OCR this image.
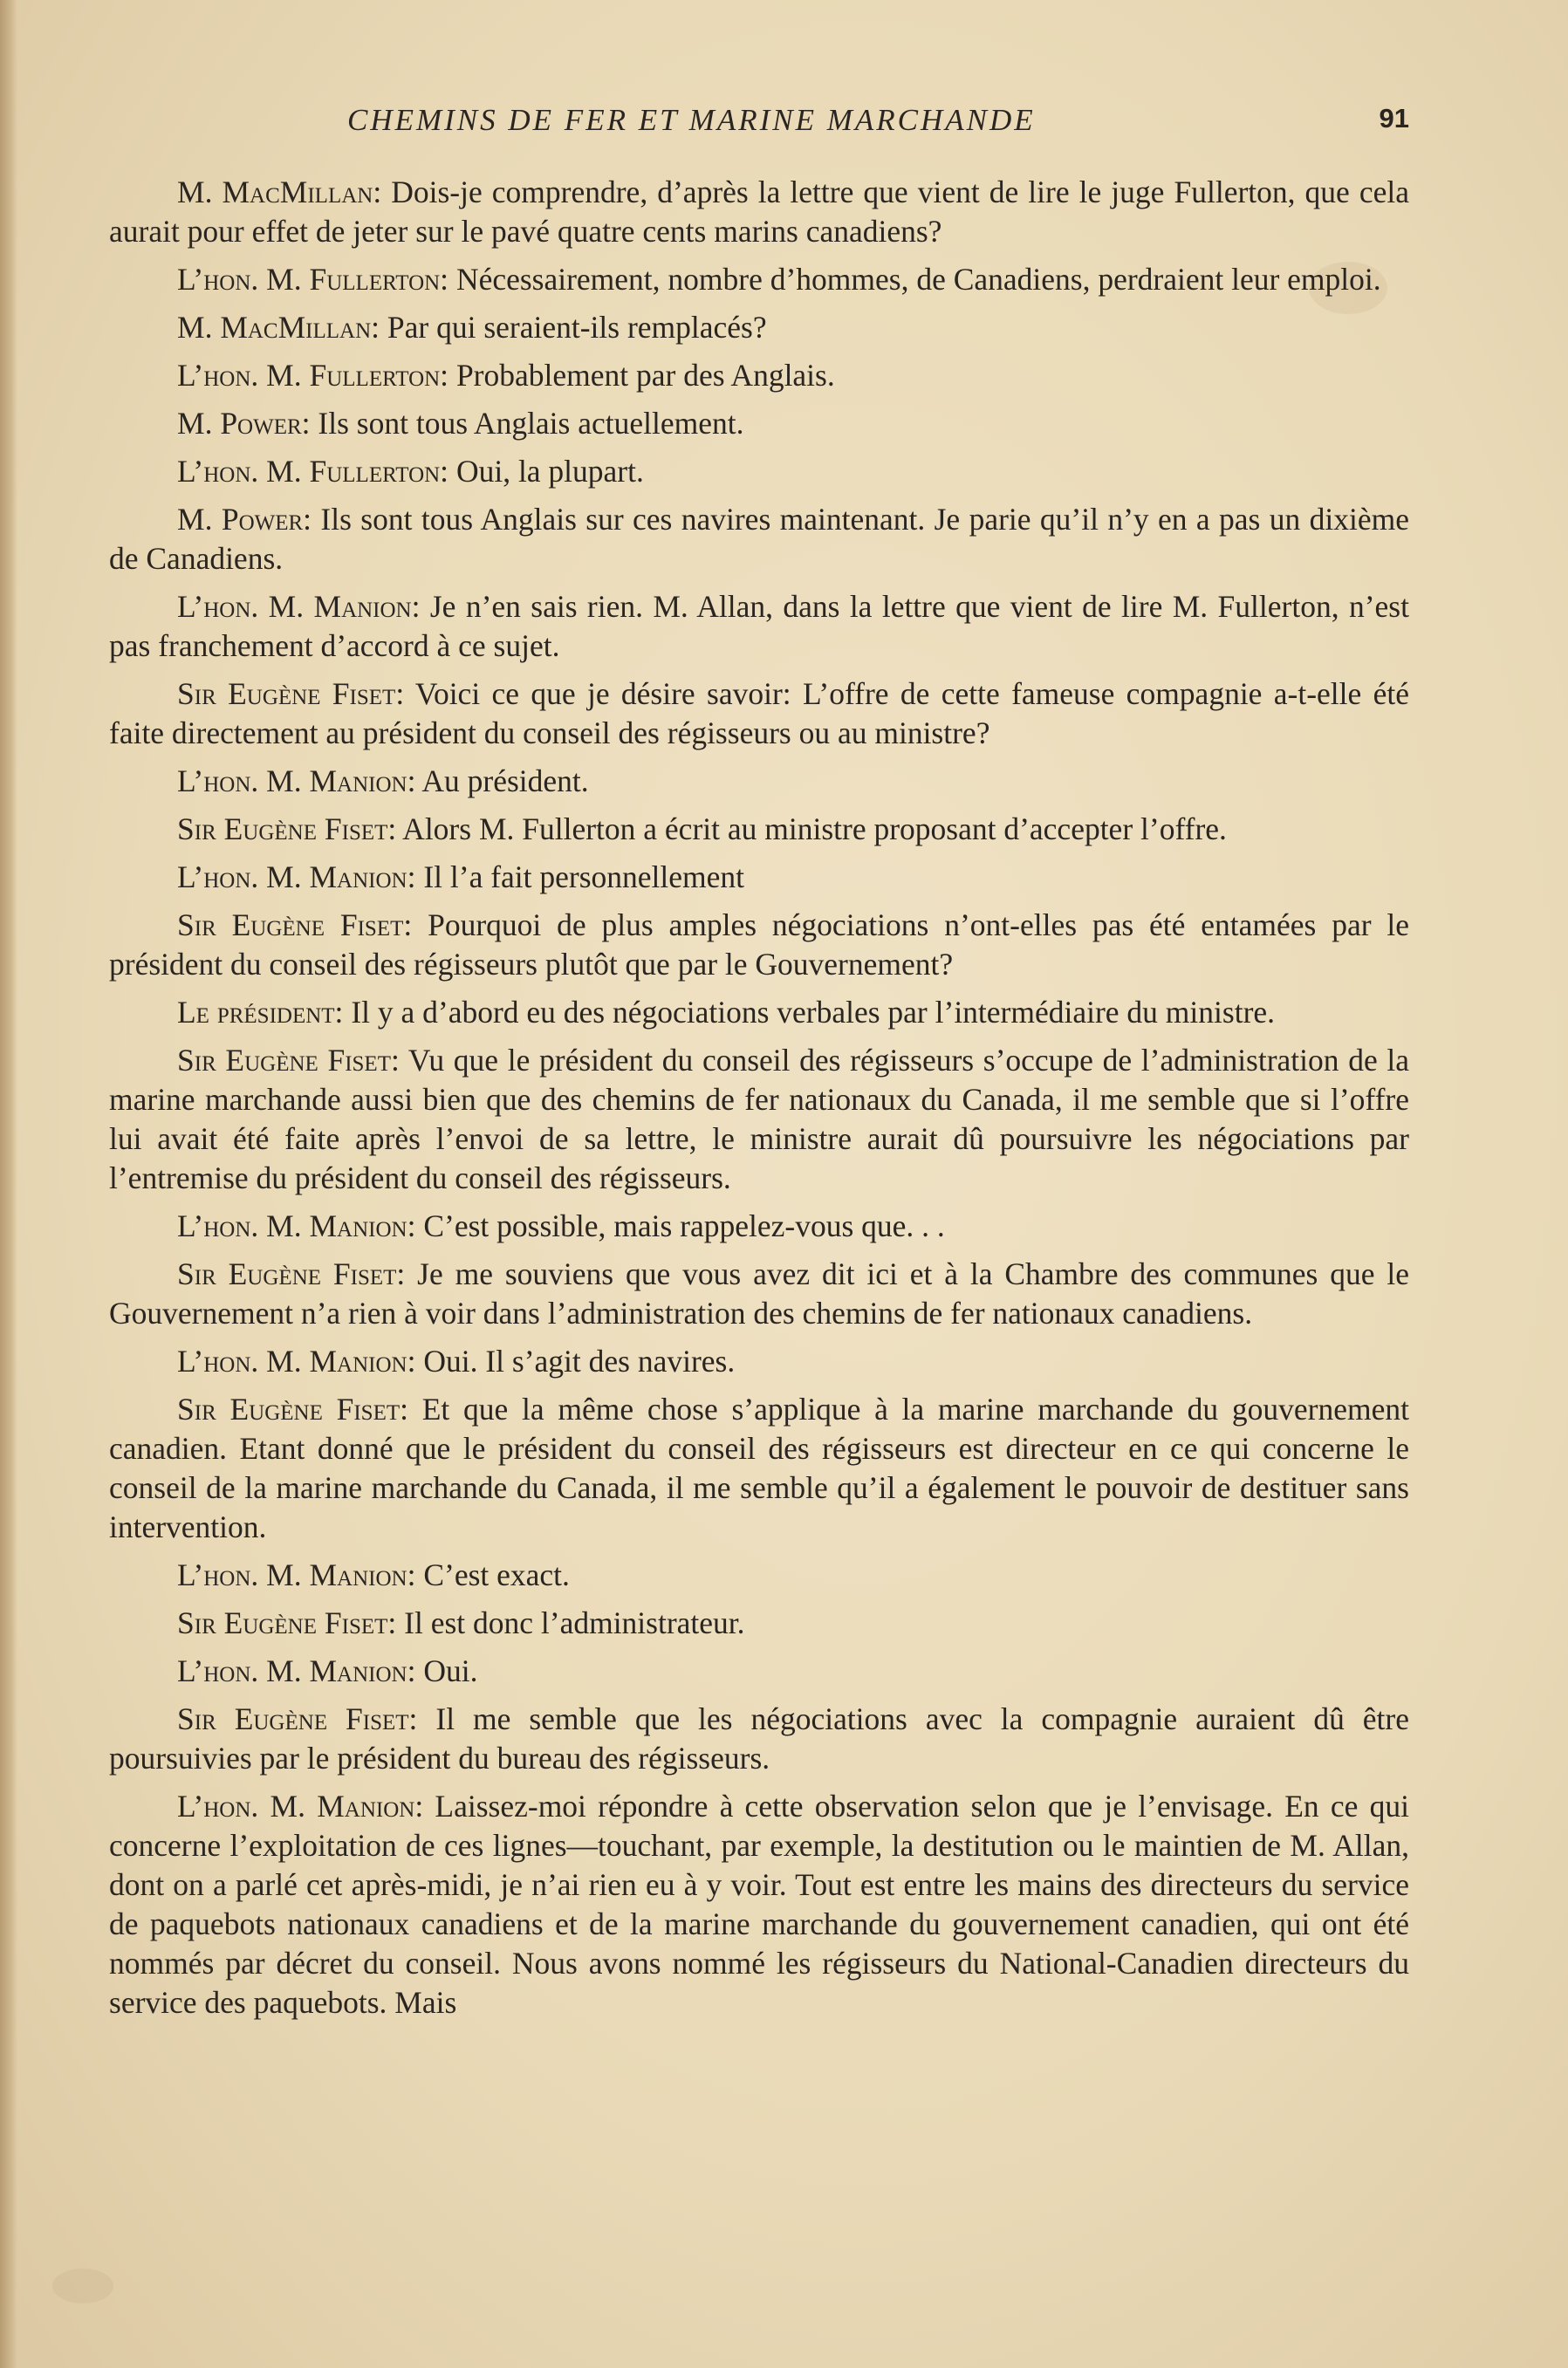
CHEMINS DE FER ET MARINE MARCHANDE	91

M. MacMillan: Dois-je comprendre, d’après la lettre que vient de lire le juge Fullerton, que cela aurait pour effet de jeter sur le pavé quatre cents marins canadiens?

L’hon. M. Fullerton: Nécessairement, nombre d’hommes, de Canadiens, perdraient leur emploi.

M. MacMillan: Par qui seraient-ils remplacés?

L’hon. M. Fullerton: Probablement par des Anglais.

M. Power: Ils sont tous Anglais actuellement.

L’hon. M. Fullerton: Oui, la plupart.

M. Power: Ils sont tous Anglais sur ces navires maintenant. Je parie qu’il n’y en a pas un dixième de Canadiens.

L’hon. M. Manion: Je n’en sais rien. M. Allan, dans la lettre que vient de lire M. Fullerton, n’est pas franchement d’accord à ce sujet.

Sir Eugène Fiset: Voici ce que je désire savoir: L’offre de cette fameuse compagnie a-t-elle été faite directement au président du conseil des régisseurs ou au ministre?

L’hon. M. Manion: Au président.

Sir Eugène Fiset: Alors M. Fullerton a écrit au ministre proposant d’accepter l’offre.

L’hon. M. Manion: Il l’a fait personnellement

Sir Eugène Fiset: Pourquoi de plus amples négociations n’ont-elles pas été entamées par le président du conseil des régisseurs plutôt que par le Gouvernement?

Le président: Il y a d’abord eu des négociations verbales par l’intermédiaire du ministre.

Sir Eugène Fiset: Vu que le président du conseil des régisseurs s’occupe de l’administration de la marine marchande aussi bien que des chemins de fer nationaux du Canada, il me semble que si l’offre lui avait été faite après l’envoi de sa lettre, le ministre aurait dû poursuivre les négociations par l’entremise du président du conseil des régisseurs.

L’hon. M. Manion: C’est possible, mais rappelez-vous que. . .

Sir Eugène Fiset: Je me souviens que vous avez dit ici et à la Chambre des communes que le Gouvernement n’a rien à voir dans l’administration des chemins de fer nationaux canadiens.

L’hon. M. Manion: Oui. Il s’agit des navires.

Sir Eugène Fiset: Et que la même chose s’applique à la marine marchande du gouvernement canadien. Etant donné que le président du conseil des régisseurs est directeur en ce qui concerne le conseil de la marine marchande du Canada, il me semble qu’il a également le pouvoir de destituer sans intervention.

L’hon. M. Manion: C’est exact.

Sir Eugène Fiset: Il est donc l’administrateur.

L’hon. M. Manion: Oui.

Sir Eugène Fiset: Il me semble que les négociations avec la compagnie auraient dû être poursuivies par le président du bureau des régisseurs.

L’hon. M. Manion: Laissez-moi répondre à cette observation selon que je l’envisage. En ce qui concerne l’exploitation de ces lignes—touchant, par exemple, la destitution ou le maintien de M. Allan, dont on a parlé cet après-midi, je n’ai rien eu à y voir. Tout est entre les mains des directeurs du service de paquebots nationaux canadiens et de la marine marchande du gouvernement canadien, qui ont été nommés par décret du conseil. Nous avons nommé les régisseurs du National-Canadien directeurs du service des paquebots. Mais
